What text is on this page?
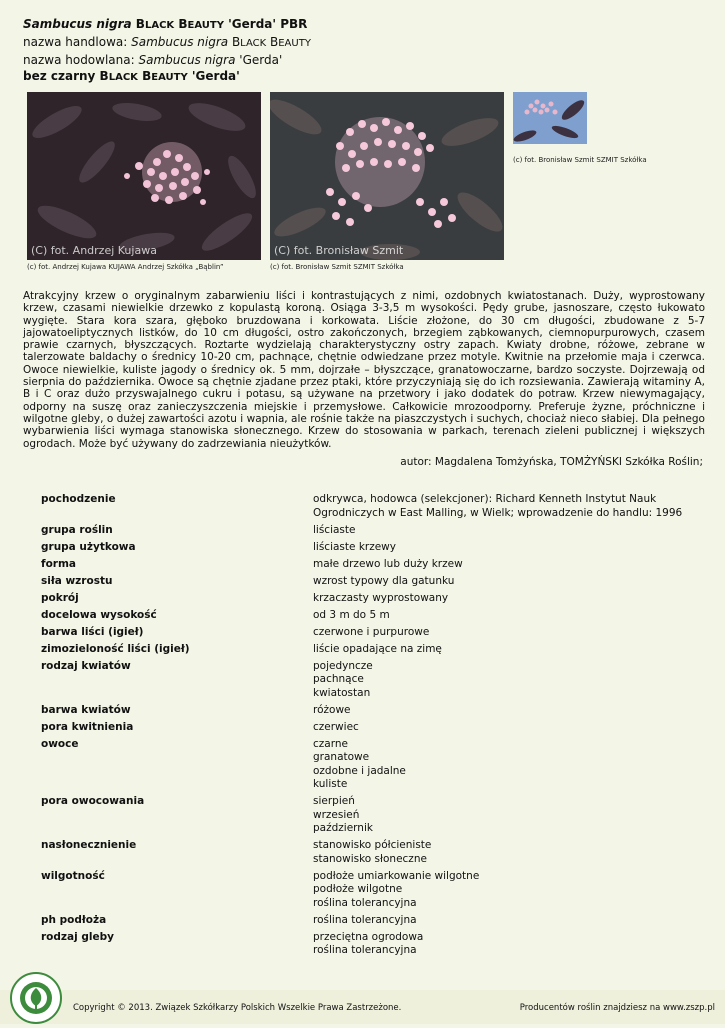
Sambucus nigra BLACK BEAUTY 'Gerda' PBR
nazwa handlowa: Sambucus nigra BLACK BEAUTY
nazwa hodowlana: Sambucus nigra 'Gerda'
bez czarny BLACK BEAUTY 'Gerda'
(C) fot. Andrzej Kujawa
(c) fot. Andrzej Kujawa KUJAWA Andrzej Szkółka „Bąblin”
(C) fot. Bronisław Szmit
(c) fot. Bronisław Szmit SZMIT Szkółka
(c) fot. Bronisław Szmit SZMIT Szkółka
Atrakcyjny krzew o oryginalnym zabarwieniu liści i kontrastujących z nimi, ozdobnych kwiatostanach. Duży, wyprostowany krzew, czasami niewielkie drzewko z kopulastą koroną. Osiąga 3-3,5 m wysokości. Pędy grube, jasnoszare, często łukowato wygięte. Stara kora szara, głęboko bruzdowana i korkowata. Liście złożone, do 30 cm długości, zbudowane z 5-7 jajowatoeliptycznych listków, do 10 cm długości, ostro zakończonych, brzegiem ząbkowanych, ciemnopurpurowych, czasem prawie czarnych, błyszczących. Roztarte wydzielają charakterystyczny ostry zapach. Kwiaty drobne, różowe, zebrane w talerzowate baldachy o średnicy 10-20 cm, pachnące, chętnie odwiedzane przez motyle. Kwitnie na przełomie maja i czerwca. Owoce niewielkie, kuliste jagody o średnicy ok. 5 mm, dojrzałe – błyszczące, granatowoczarne, bardzo soczyste. Dojrzewają od sierpnia do października. Owoce są chętnie zjadane przez ptaki, które przyczyniają się do ich rozsiewania. Zawierają witaminy A, B i C oraz dużo przyswajalnego cukru i potasu, są używane na przetwory i jako dodatek do potraw. Krzew niewymagający, odporny na suszę oraz zanieczyszczenia miejskie i przemysłowe. Całkowicie mrozoodporny. Preferuje żyzne, próchniczne i wilgotne gleby, o dużej zawartości azotu i wapnia, ale rośnie także na piaszczystych i suchych, chociaż nieco słabiej. Dla pełnego wybarwienia liści wymaga stanowiska słonecznego. Krzew do stosowania w parkach, terenach zieleni publicznej i większych ogrodach. Może być używany do zadrzewiania nieużytków.
autor: Magdalena Tomżyńska, TOMŻYŃSKI Szkółka Roślin;
pochodzenie	odkrywca, hodowca (selekcjoner): Richard Kenneth Instytut Nauk
Ogrodniczych w East Malling, w Wielk; wprowadzenie do handlu: 1996
grupa roślin	liściaste
grupa użytkowa	liściaste krzewy
forma	małe drzewo lub duży krzew
siła wzrostu	wzrost typowy dla gatunku
pokrój	krzaczasty wyprostowany
docelowa wysokość	od 3 m do 5 m
barwa liści (igieł)	czerwone i purpurowe
zimozieloność liści (igieł)	liście opadające na zimę
rodzaj kwiatów	pojedyncze
pachnące
kwiatostan
barwa kwiatów	różowe
pora kwitnienia	czerwiec
owoce	czarne
granatowe
ozdobne i jadalne
kuliste
pora owocowania	sierpień
wrzesień
październik
nasłonecznienie	stanowisko półcieniste
stanowisko słoneczne
wilgotność	podłoże umiarkowanie wilgotne
podłoże wilgotne
roślina tolerancyjna
ph podłoża	roślina tolerancyjna
rodzaj gleby	przeciętna ogrodowa
roślina tolerancyjna
Copyright © 2013. Związek Szkółkarzy Polskich Wszelkie Prawa Zastrzeżone.	Producentów roślin znajdziesz na www.zszp.pl
